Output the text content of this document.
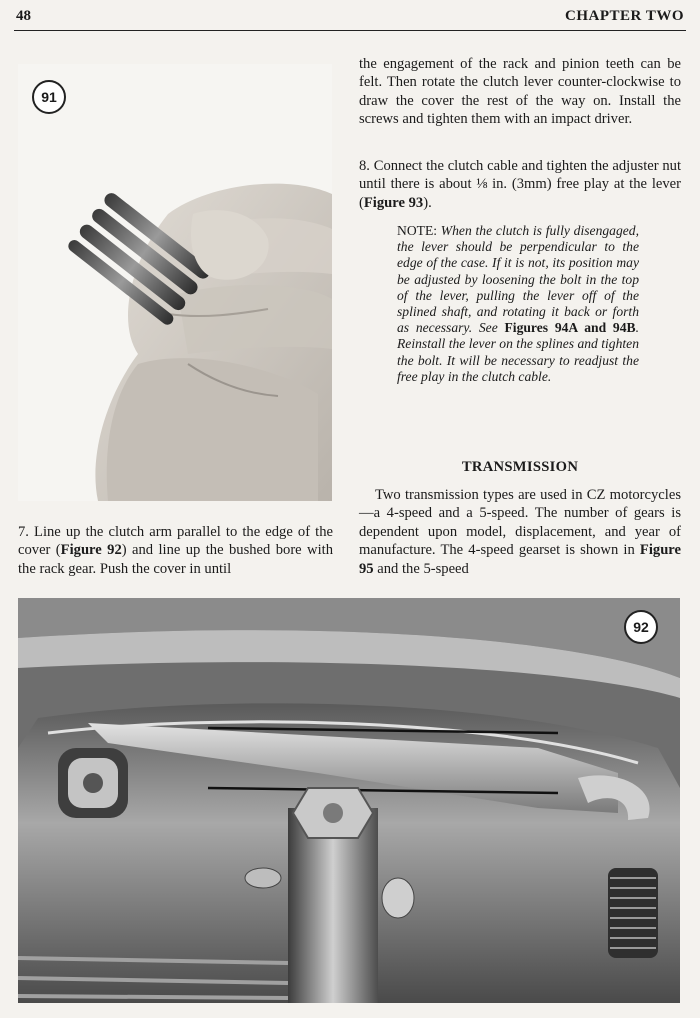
48	CHAPTER TWO
91
the engagement of the rack and pinion teeth can be felt. Then rotate the clutch lever counter-clockwise to draw the cover the rest of the way on. Install the screws and tighten them with an impact driver.
8. Connect the clutch cable and tighten the adjuster nut until there is about ⅛ in. (3mm) free play at the lever (Figure 93).
NOTE: When the clutch is fully disengaged, the lever should be perpendicular to the edge of the case. If it is not, its position may be adjusted by loosening the bolt in the top of the lever, pulling the lever off of the splined shaft, and rotating it back or forth as necessary. See Figures 94A and 94B. Reinstall the lever on the splines and tighten the bolt. It will be necessary to readjust the free play in the clutch cable.
TRANSMISSION
Two transmission types are used in CZ motorcycles—a 4-speed and a 5-speed. The number of gears is dependent upon model, displacement, and year of manufacture. The 4-speed gearset is shown in Figure 95 and the 5-speed
7. Line up the clutch arm parallel to the edge of the cover (Figure 92) and line up the bushed bore with the rack gear. Push the cover in until
92
